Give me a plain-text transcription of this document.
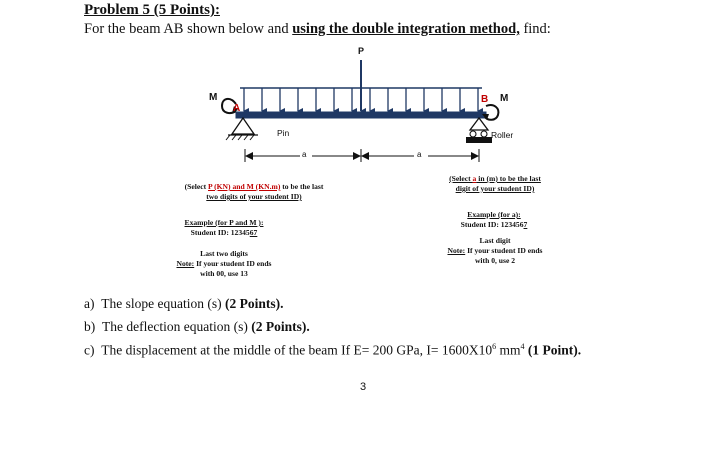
Problem 5 (5 Points):
For the beam AB shown below and using the double integration method, find:
P
M
A
B M
Pin	Roller
a	a
(Select P (KN) and M (KN.m) to be the last
two digits of your student ID)
Example (for P and M ):
Student ID: 1234567
Last two digits
Note: If your student ID ends
with 00, use 13
(Select a in (m) to be the last
digit of your student ID)
Example (for a):
Student ID: 1234567
Last digit
Note: If your student ID ends
with 0, use 2
a) The slope equation (s) (2 Points).
b) The deflection equation (s) (2 Points).
c) The displacement at the middle of the beam If E= 200 GPa, $I= 1600X10^6$ $mm^4$ (1 Point).
3
